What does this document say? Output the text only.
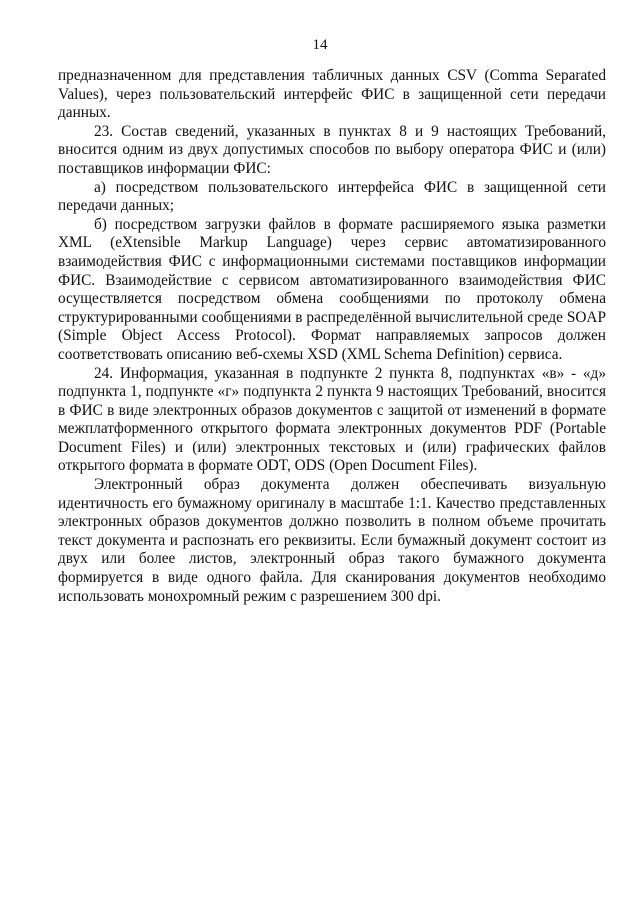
14

предназначенном для представления табличных данных CSV (Comma Separated Values), через пользовательский интерфейс ФИС в защищенной сети передачи данных.

23. Состав сведений, указанных в пунктах 8 и 9 настоящих Требований, вносится одним из двух допустимых способов по выбору оператора ФИС и (или) поставщиков информации ФИС:

а) посредством пользовательского интерфейса ФИС в защищенной сети передачи данных;

б) посредством загрузки файлов в формате расширяемого языка разметки XML (eXtensible Markup Language) через сервис автоматизированного взаимодействия ФИС с информационными системами поставщиков информации ФИС. Взаимодействие с сервисом автоматизированного взаимодействия ФИС осуществляется посредством обмена сообщениями по протоколу обмена структурированными сообщениями в распределённой вычислительной среде SOAP (Simple Object Access Protocol). Формат направляемых запросов должен соответствовать описанию веб-схемы XSD (XML Schema Definition) сервиса.

24. Информация, указанная в подпункте 2 пункта 8, подпунктах «в» - «д» подпункта 1, подпункте «г» подпункта 2 пункта 9 настоящих Требований, вносится в ФИС в виде электронных образов документов с защитой от изменений в формате межплатформенного открытого формата электронных документов PDF (Portable Document Files) и (или) электронных текстовых и (или) графических файлов открытого формата в формате ODT, ODS (Open Document Files).

Электронный образ документа должен обеспечивать визуальную идентичность его бумажному оригиналу в масштабе 1:1. Качество представленных электронных образов документов должно позволить в полном объеме прочитать текст документа и распознать его реквизиты. Если бумажный документ состоит из двух или более листов, электронный образ такого бумажного документа формируется в виде одного файла. Для сканирования документов необходимо использовать монохромный режим с разрешением 300 dpi.
